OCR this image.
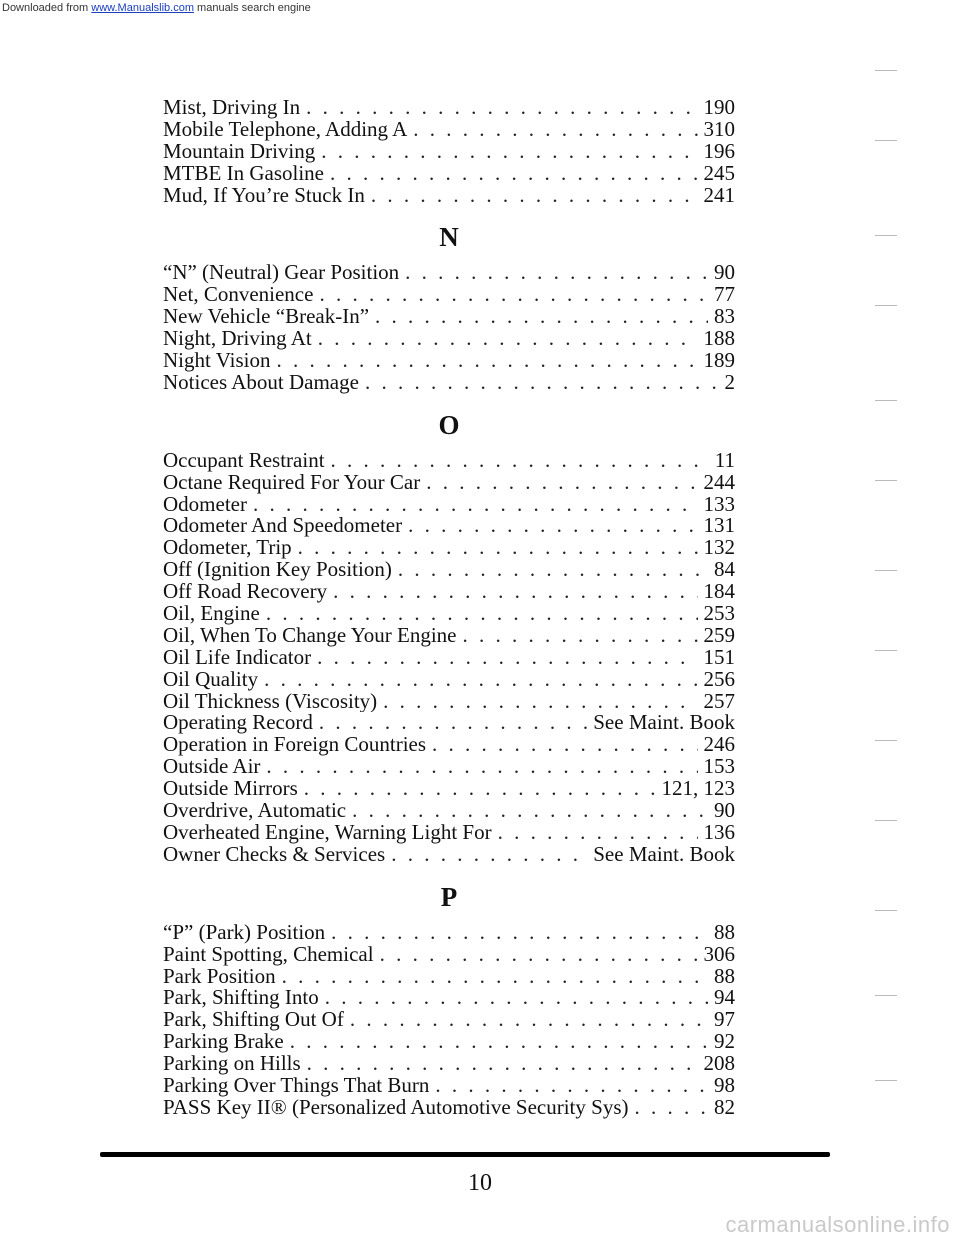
Downloaded from www.Manualslib.com manuals search engine
Mist, Driving In . . .	190
Mobile Telephone, Adding A . . .	310
Mountain Driving . . .	196
MTBE In Gasoline . . .	245
Mud, If You’re Stuck In . . .	241
N
“N” (Neutral) Gear Position . . .	90
Net, Convenience . . .	77
New Vehicle “Break-In” . . .	83
Night, Driving At . . .	188
Night Vision . . .	189
Notices About Damage . . .	2
O
Occupant Restraint . . .	11
Octane Required For Your Car . . .	244
Odometer . . .	133
Odometer And Speedometer . . .	131
Odometer, Trip . . .	132
Off (Ignition Key Position) . . .	84
Off Road Recovery . . .	184
Oil, Engine . . .	253
Oil, When To Change Your Engine . . .	259
Oil Life Indicator . . .	151
Oil Quality . . .	256
Oil Thickness (Viscosity) . . .	257
Operating Record . . .	See Maint. Book
Operation in Foreign Countries . . .	246
Outside Air . . .	153
Outside Mirrors . . .	121, 123
Overdrive, Automatic . . .	90
Overheated Engine, Warning Light For . . .	136
Owner Checks & Services . . .	See Maint. Book
P
“P” (Park) Position . . .	88
Paint Spotting, Chemical . . .	306
Park Position . . .	88
Park, Shifting Into . . .	94
Park, Shifting Out Of . . .	97
Parking Brake . . .	92
Parking on Hills . . .	208
Parking Over Things That Burn . . .	98
PASS Key II® (Personalized Automotive Security Sys) . . .	82
10
carmanualsonline.info
